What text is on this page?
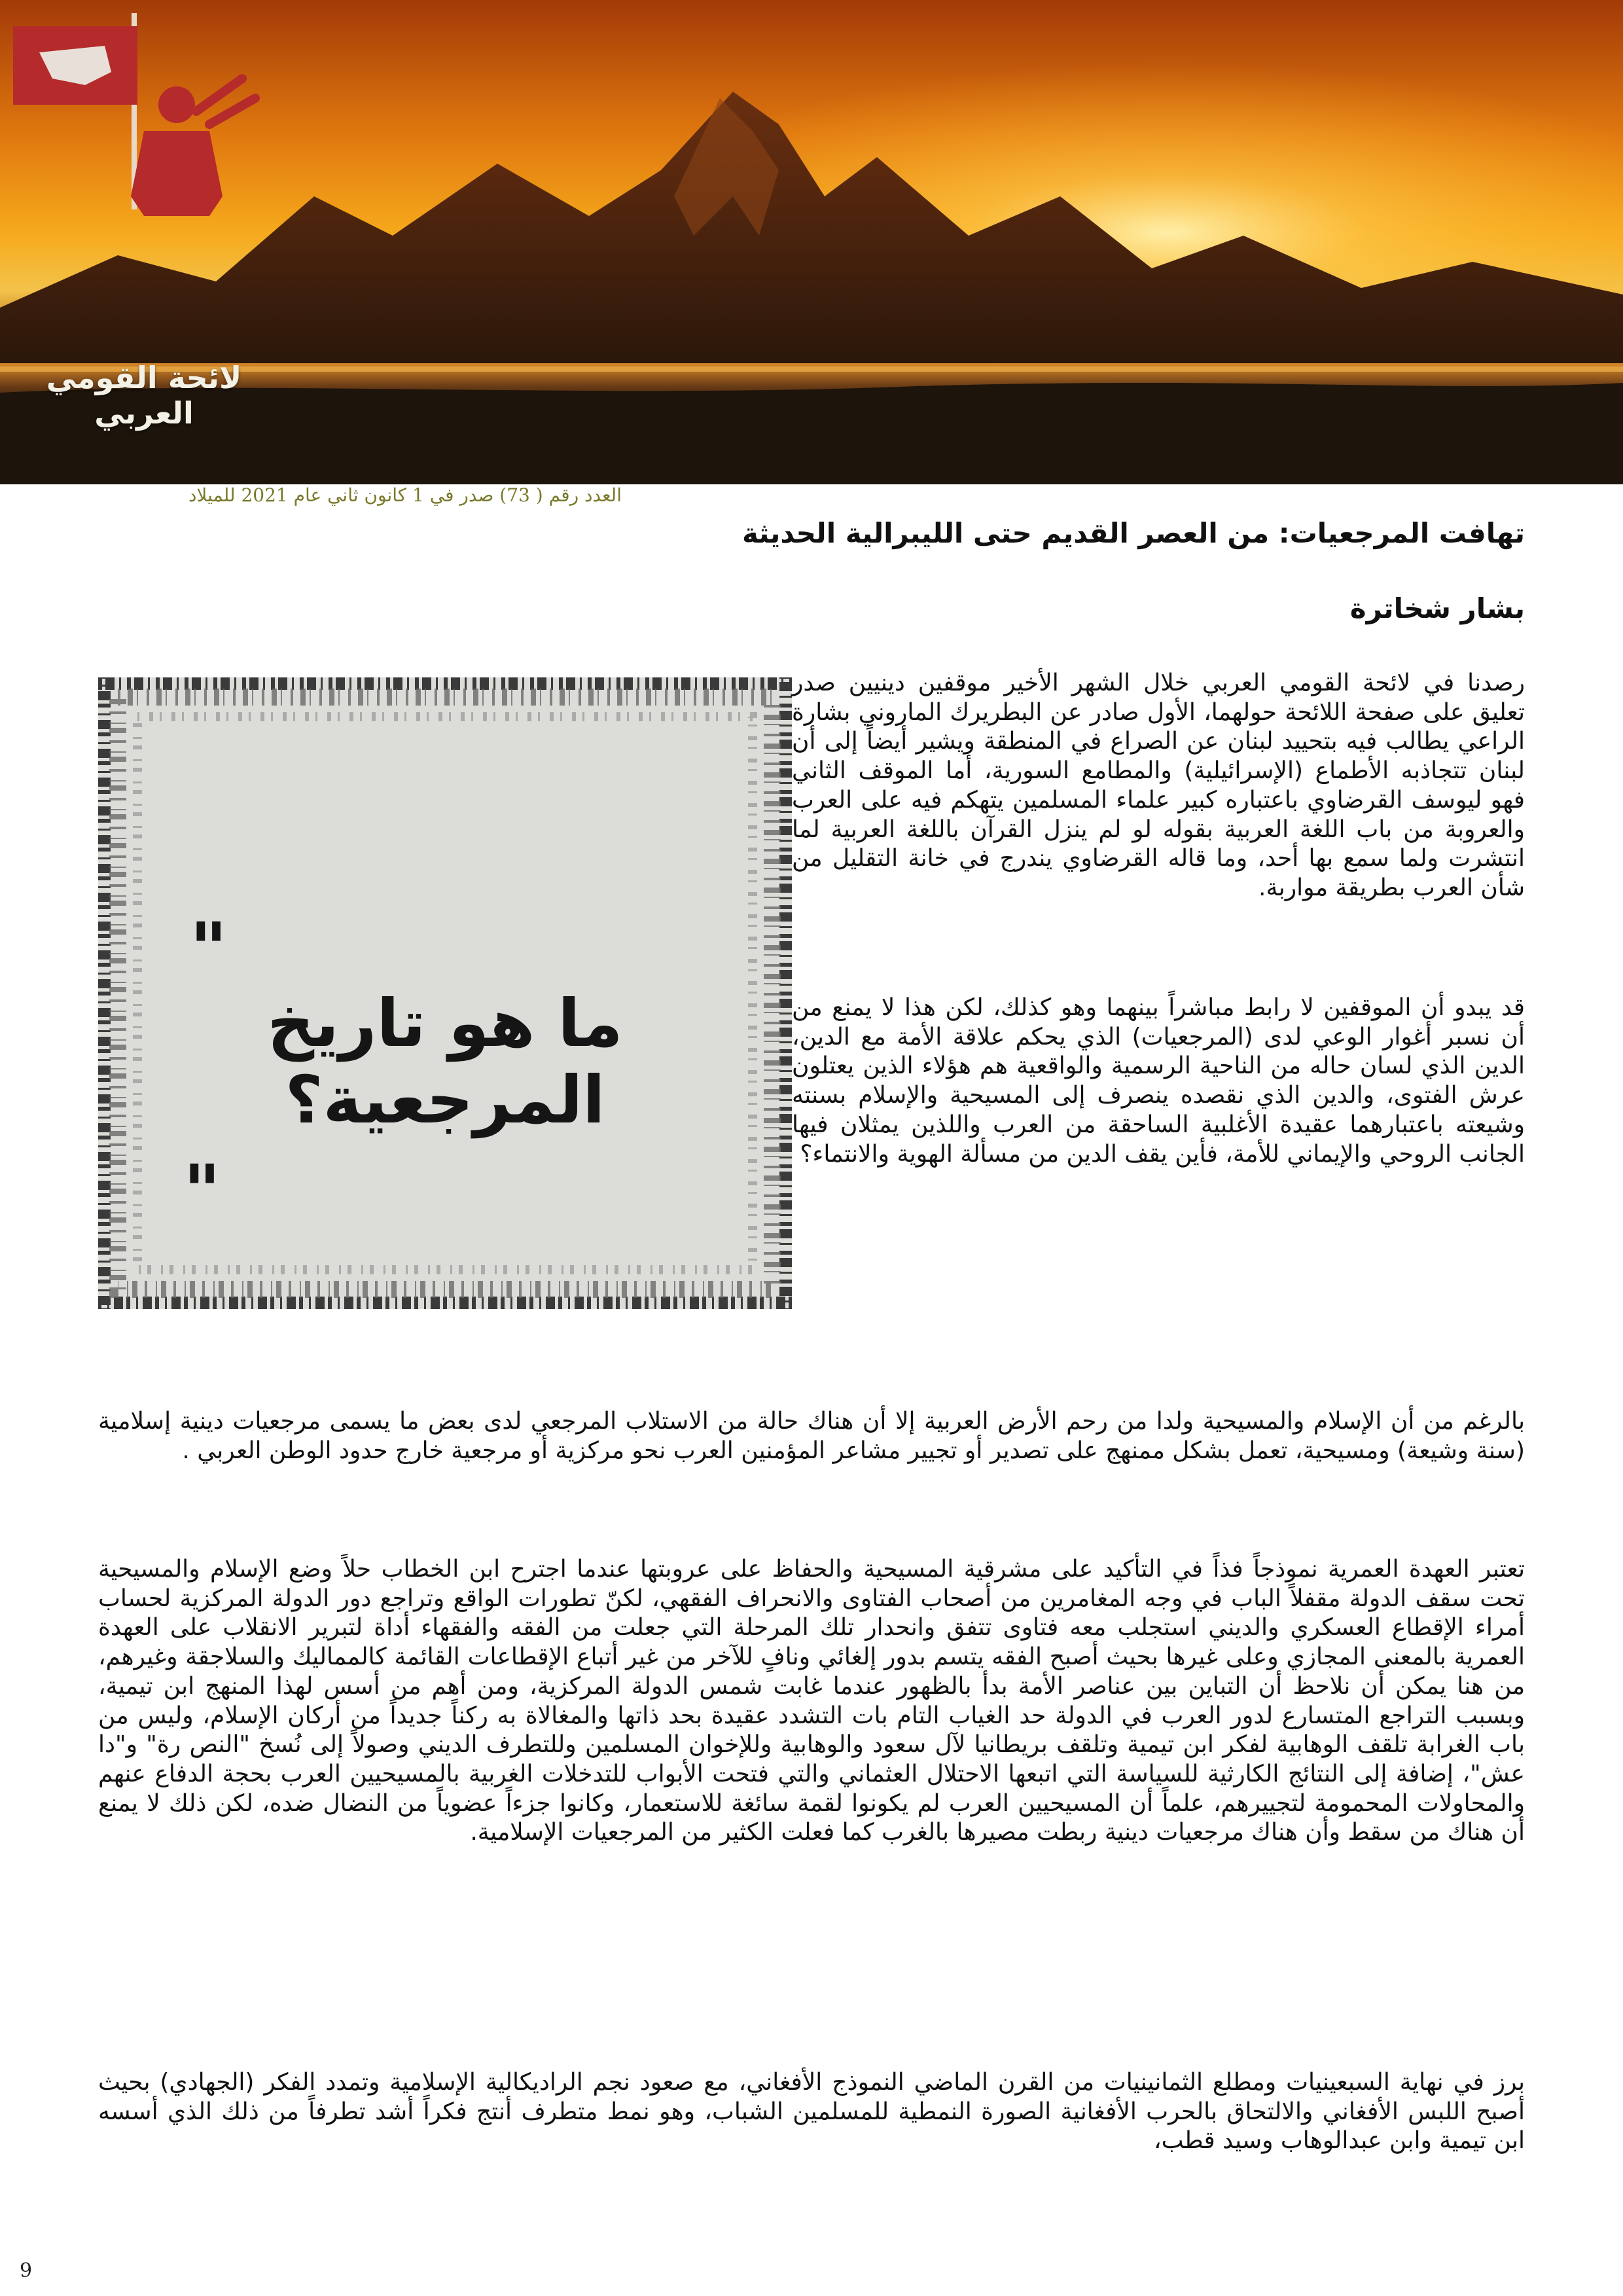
لائحة القومي العربي
العدد رقم ( 73) صدر في 1 كانون ثاني عام 2021 للميلاد
تهافت المرجعيات: من العصر القديم حتى الليبرالية الحديثة
بشار شخاترة
"
ما هو تاريخ المرجعية؟
"
رصدنا في لائحة القومي العربي خلال الشهر الأخير موقفين دينيين صدر تعليق على صفحة اللائحة حولهما، الأول صادر عن البطريرك الماروني بشارة الراعي يطالب فيه بتحييد لبنان عن الصراع في المنطقة ويشير أيضاً إلى أن لبنان تتجاذبه الأطماع (الإسرائيلية) والمطامع السورية، أما الموقف الثاني فهو ليوسف القرضاوي باعتباره كبير علماء المسلمين يتهكم فيه على العرب والعروبة من باب اللغة العربية بقوله لو لم ينزل القرآن باللغة العربية لما انتشرت ولما سمع بها أحد، وما قاله القرضاوي يندرج في خانة التقليل من شأن العرب بطريقة مواربة.
قد يبدو أن الموقفين لا رابط مباشراً بينهما وهو كذلك، لكن هذا لا يمنع من أن نسبر أغوار الوعي لدى (المرجعيات) الذي يحكم علاقة الأمة مع الدين، الدين الذي لسان حاله من الناحية الرسمية والواقعية هم هؤلاء الذين يعتلون عرش الفتوى، والدين الذي نقصده ينصرف إلى المسيحية والإسلام بسنته وشيعته باعتبارهما عقيدة الأغلبية الساحقة من العرب واللذين يمثلان فيها الجانب الروحي والإيماني للأمة، فأين يقف الدين من مسألة الهوية والانتماء؟
بالرغم من أن الإسلام والمسيحية ولدا من رحم الأرض العربية إلا أن هناك حالة من الاستلاب المرجعي لدى بعض ما يسمى مرجعيات دينية إسلامية (سنة وشيعة) ومسيحية، تعمل بشكل ممنهج على تصدير أو تجيير مشاعر المؤمنين العرب نحو مركزية أو مرجعية خارج حدود الوطن العربي .
تعتبر العهدة العمرية نموذجاً فذاً في التأكيد على مشرقية المسيحية والحفاظ على عروبتها عندما اجترح ابن الخطاب حلاً وضع الإسلام والمسيحية تحت سقف الدولة مقفلاً الباب في وجه المغامرين من أصحاب الفتاوى والانحراف الفقهي، لكنّ تطورات الواقع وتراجع دور الدولة المركزية لحساب أمراء الإقطاع العسكري والديني استجلب معه فتاوى تتفق وانحدار تلك المرحلة التي جعلت من الفقه والفقهاء أداة لتبرير الانقلاب على العهدة العمرية بالمعنى المجازي وعلى غيرها بحيث أصبح الفقه يتسم بدور إلغائي ونافٍ للآخر من غير أتباع الإقطاعات القائمة كالمماليك والسلاجقة وغيرهم، من هنا يمكن أن نلاحظ أن التباين بين عناصر الأمة بدأ بالظهور عندما غابت شمس الدولة المركزية، ومن أهم من أسس لهذا المنهج ابن تيمية، وبسبب التراجع المتسارع لدور العرب في الدولة حد الغياب التام بات التشدد عقيدة بحد ذاتها والمغالاة به ركناً جديداً من أركان الإسلام، وليس من باب الغرابة تلقف الوهابية لفكر ابن تيمية وتلقف بريطانيا لآل سعود والوهابية وللإخوان المسلمين وللتطرف الديني وصولاً إلى نُسخ "النص رة" و"دا عش"، إضافة إلى النتائج الكارثية للسياسة التي اتبعها الاحتلال العثماني والتي فتحت الأبواب للتدخلات الغربية بالمسيحيين العرب بحجة الدفاع عنهم والمحاولات المحمومة لتجييرهم، علماً أن المسيحيين العرب لم يكونوا لقمة سائغة للاستعمار، وكانوا جزءاً عضوياً من النضال ضده، لكن ذلك لا يمنع أن هناك من سقط وأن هناك مرجعيات دينية ربطت مصيرها بالغرب كما فعلت الكثير من المرجعيات الإسلامية.
برز في نهاية السبعينيات ومطلع الثمانينيات من القرن الماضي النموذج الأفغاني، مع صعود نجم الراديكالية الإسلامية وتمدد الفكر (الجهادي) بحيث أصبح اللبس الأفغاني والالتحاق بالحرب الأفغانية الصورة النمطية للمسلمين الشباب، وهو نمط متطرف أنتج فكراً أشد تطرفاً من ذلك الذي أسسه ابن تيمية وابن عبدالوهاب وسيد قطب،
9
